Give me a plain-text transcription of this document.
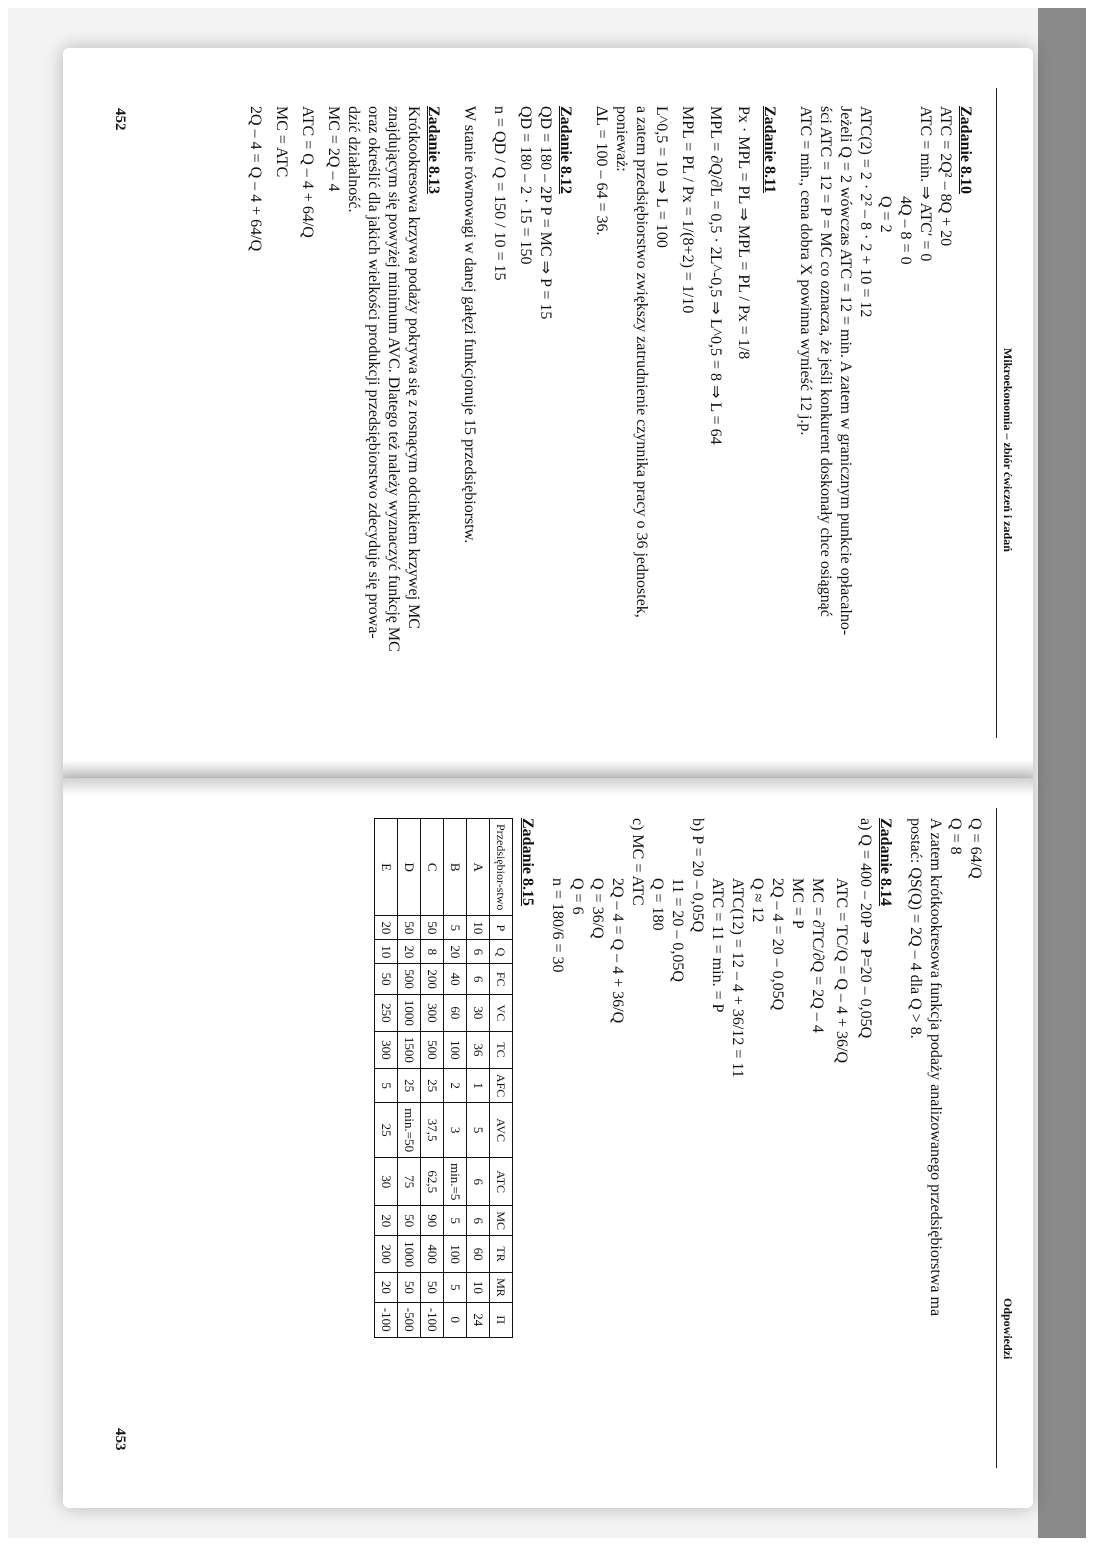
Mikroekonomia – zbiór ćwiczeń i zadań

Zadanie 8.10

ATC = 2Q² – 8Q + 20

ATC = min. ⇒ ATC′ = 0

4Q – 8 = 0

Q = 2

ATC(2) = 2 · 2² – 8 · 2 + 10 = 12

Jeżeli Q = 2 wówczas ATC = 12 = min. A zatem w granicznym punkcie opłacalno-

ści ATC = 12 = P = MC co oznacza, że jeśli konkurent doskonały chce osiągnąć

ATC = min., cena dobra X powinna wynieść 12 j.p.

Zadanie 8.11

Px · MPL = PL ⇒ MPL = PL / Px = 1/8

MPL = ∂Q/∂L = 0,5 · 2L^-0,5 ⇒ L^0,5 = 8 ⇒ L = 64

MPL = PL / Px = 1/(8+2) = 1/10

L^0,5 = 10 ⇒ L = 100

a zatem przedsiębiorstwo zwiększy zatrudnienie czynnika pracy o 36 jednostek,

ponieważ:

ΔL = 100 – 64 = 36.

Zadanie 8.12

QD = 180 – 2P P = MC ⇒ P = 15

QD = 180 – 2 · 15 = 150

n = QD / Q = 150 / 10 = 15

W stanie równowagi w danej gałęzi funkcjonuje 15 przedsiębiorstw.

Zadanie 8.13

Krótkookresowa krzywa podaży pokrywa się z rosnącym odcinkiem krzywej MC

znajdującym się powyżej minimum AVC. Dlatego też należy wyznaczyć funkcję MC

oraz określić dla jakich wielkości produkcji przedsiębiorstwo zdecyduje się prowa-

dzić działalność.

MC = 2Q – 4

ATC = Q – 4 + 64/Q

MC = ATC

2Q – 4 = Q – 4 + 64/Q

452
Odpowiedzi

Q = 64/Q

Q = 8

A zatem krótkookresowa funkcja podaży analizowanego przedsiębiorstwa ma

postać: QS(Q) = 2Q – 4 dla Q > 8.

Zadanie 8.14

a) Q = 400 – 20P ⇒ P=20 – 0,05Q

ATC = TC/Q = Q – 4 + 36/Q

MC = ∂TC/∂Q = 2Q – 4

MC = P

2Q – 4 = 20 – 0,05Q

Q ≈ 12

ATC(12) = 12 – 4 + 36/12 = 11

ATC = 11 = min. = P

b) P = 20 – 0,05Q

11 = 20 – 0,05Q

Q = 180

c) MC = ATC

2Q – 4 = Q – 4 + 36/Q

Q = 36/Q

Q = 6

n = 180/6 = 30

Zadanie 8.15

Przedsiębior-stwo	P	Q	FC	VC	TC	AFC	AVC	ATC	MC	TR	MR	Π
A	10	6	6	30	36	1	5	6	6	60	10	24
B	5	20	40	60	100	2	3	min.=5	5	100	5	0
C	50	8	200	300	500	25	37,5	62,5	90	400	50	-100
D	50	20	500	1000	1500	25	min.=50	75	50	1000	50	-500
E	20	10	50	250	300	5	25	30	20	200	20	-100
453
